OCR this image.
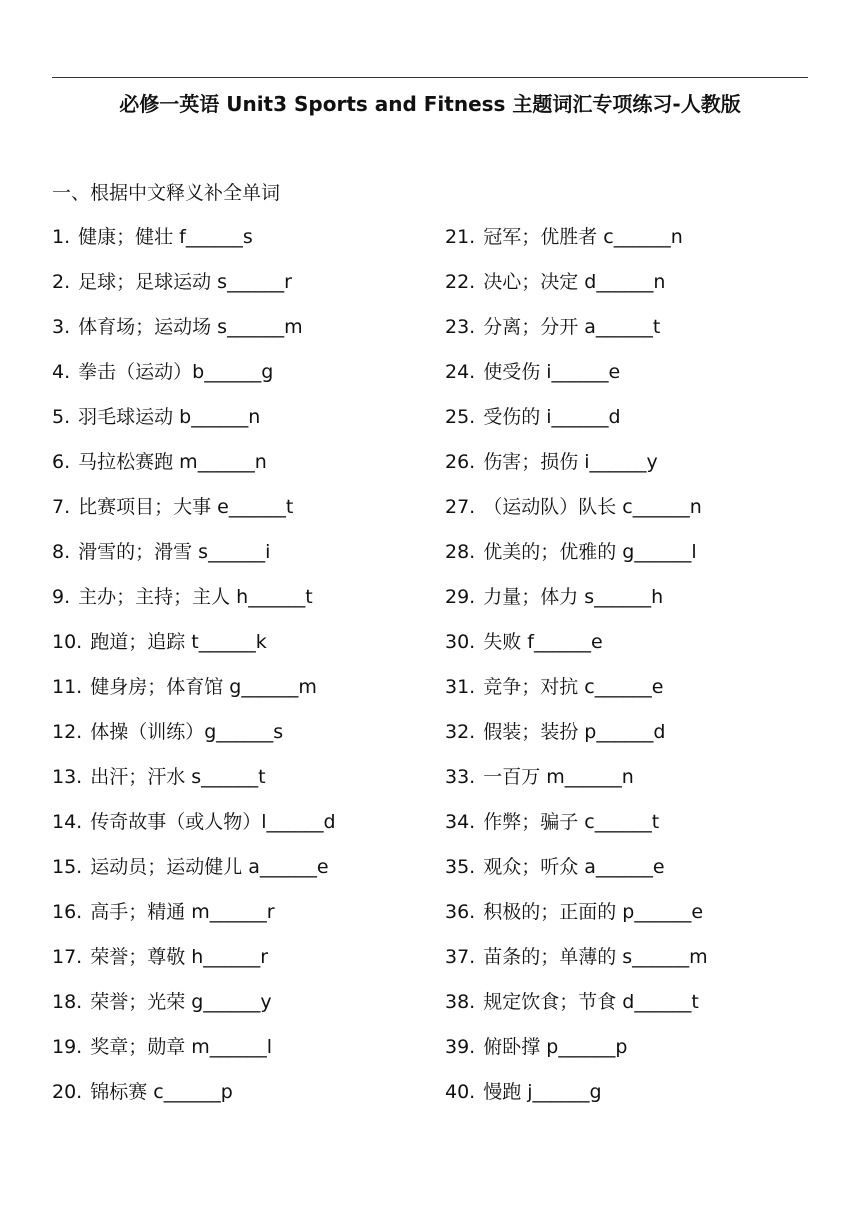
必修一英语 Unit3 Sports and Fitness 主题词汇专项练习-人教版
一、根据中文释义补全单词
1. 健康；健壮 f______s
2. 足球；足球运动 s______r
3. 体育场；运动场 s______m
4. 拳击（运动）b______g
5. 羽毛球运动 b______n
6. 马拉松赛跑 m______n
7. 比赛项目；大事 e______t
8. 滑雪的；滑雪 s______i
9. 主办；主持；主人 h______t
10. 跑道；追踪 t______k
11. 健身房；体育馆 g______m
12. 体操（训练）g______s
13. 出汗；汗水 s______t
14. 传奇故事（或人物）l______d
15. 运动员；运动健儿 a______e
16. 高手；精通 m______r
17. 荣誉；尊敬 h______r
18. 荣誉；光荣 g______y
19. 奖章；勋章 m______l
20. 锦标赛 c______p
21. 冠军；优胜者 c______n
22. 决心；决定 d______n
23. 分离；分开 a______t
24. 使受伤 i______e
25. 受伤的 i______d
26. 伤害；损伤 i______y
27. （运动队）队长 c______n
28. 优美的；优雅的 g______l
29. 力量；体力 s______h
30. 失败 f______e
31. 竞争；对抗 c______e
32. 假装；装扮 p______d
33. 一百万 m______n
34. 作弊；骗子 c______t
35. 观众；听众 a______e
36. 积极的；正面的 p______e
37. 苗条的；单薄的 s______m
38. 规定饮食；节食 d______t
39. 俯卧撑 p______p
40. 慢跑 j______g
